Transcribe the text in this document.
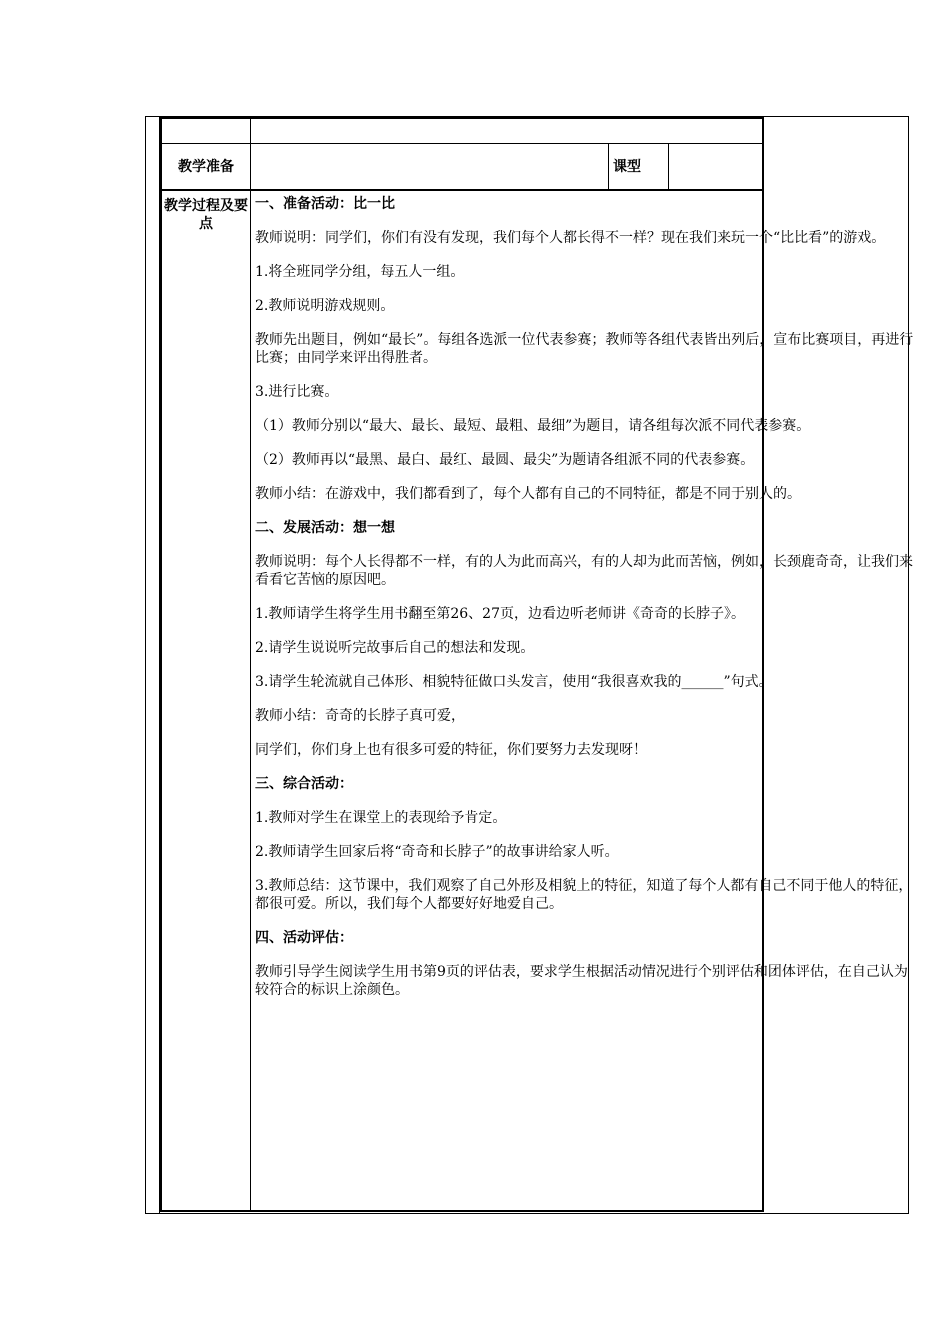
教学准备	课型
教学过程及要点

一、准备活动：比一比

教师说明：同学们，你们有没有发现，我们每个人都长得不一样？现在我们来玩一个“比比看”的游戏。

1.将全班同学分组，每五人一组。

2.教师说明游戏规则。

教师先出题目，例如“最长”。每组各选派一位代表参赛；教师等各组代表皆出列后，宣布比赛项目，再进行比赛；由同学来评出得胜者。

3.进行比赛。

（1）教师分别以“最大、最长、最短、最粗、最细”为题目，请各组每次派不同代表参赛。

（2）教师再以“最黑、最白、最红、最圆、最尖”为题请各组派不同的代表参赛。

教师小结：在游戏中，我们都看到了，每个人都有自己的不同特征，都是不同于别人的。

二、发展活动：想一想

教师说明：每个人长得都不一样，有的人为此而高兴，有的人却为此而苦恼，例如，长颈鹿奇奇，让我们来看看它苦恼的原因吧。

1.教师请学生将学生用书翻至第26、27页，边看边听老师讲《奇奇的长脖子》。

2.请学生说说听完故事后自己的想法和发现。

3.请学生轮流就自己体形、相貌特征做口头发言，使用“我很喜欢我的______”句式。

教师小结：奇奇的长脖子真可爱，

同学们，你们身上也有很多可爱的特征，你们要努力去发现呀！

三、综合活动：

1.教师对学生在课堂上的表现给予肯定。

2.教师请学生回家后将“奇奇和长脖子”的故事讲给家人听。

3.教师总结：这节课中，我们观察了自己外形及相貌上的特征，知道了每个人都有自己不同于他人的特征，都很可爱。所以，我们每个人都要好好地爱自己。

四、活动评估：

教师引导学生阅读学生用书第9页的评估表，要求学生根据活动情况进行个别评估和团体评估，在自己认为较符合的标识上涂颜色。
